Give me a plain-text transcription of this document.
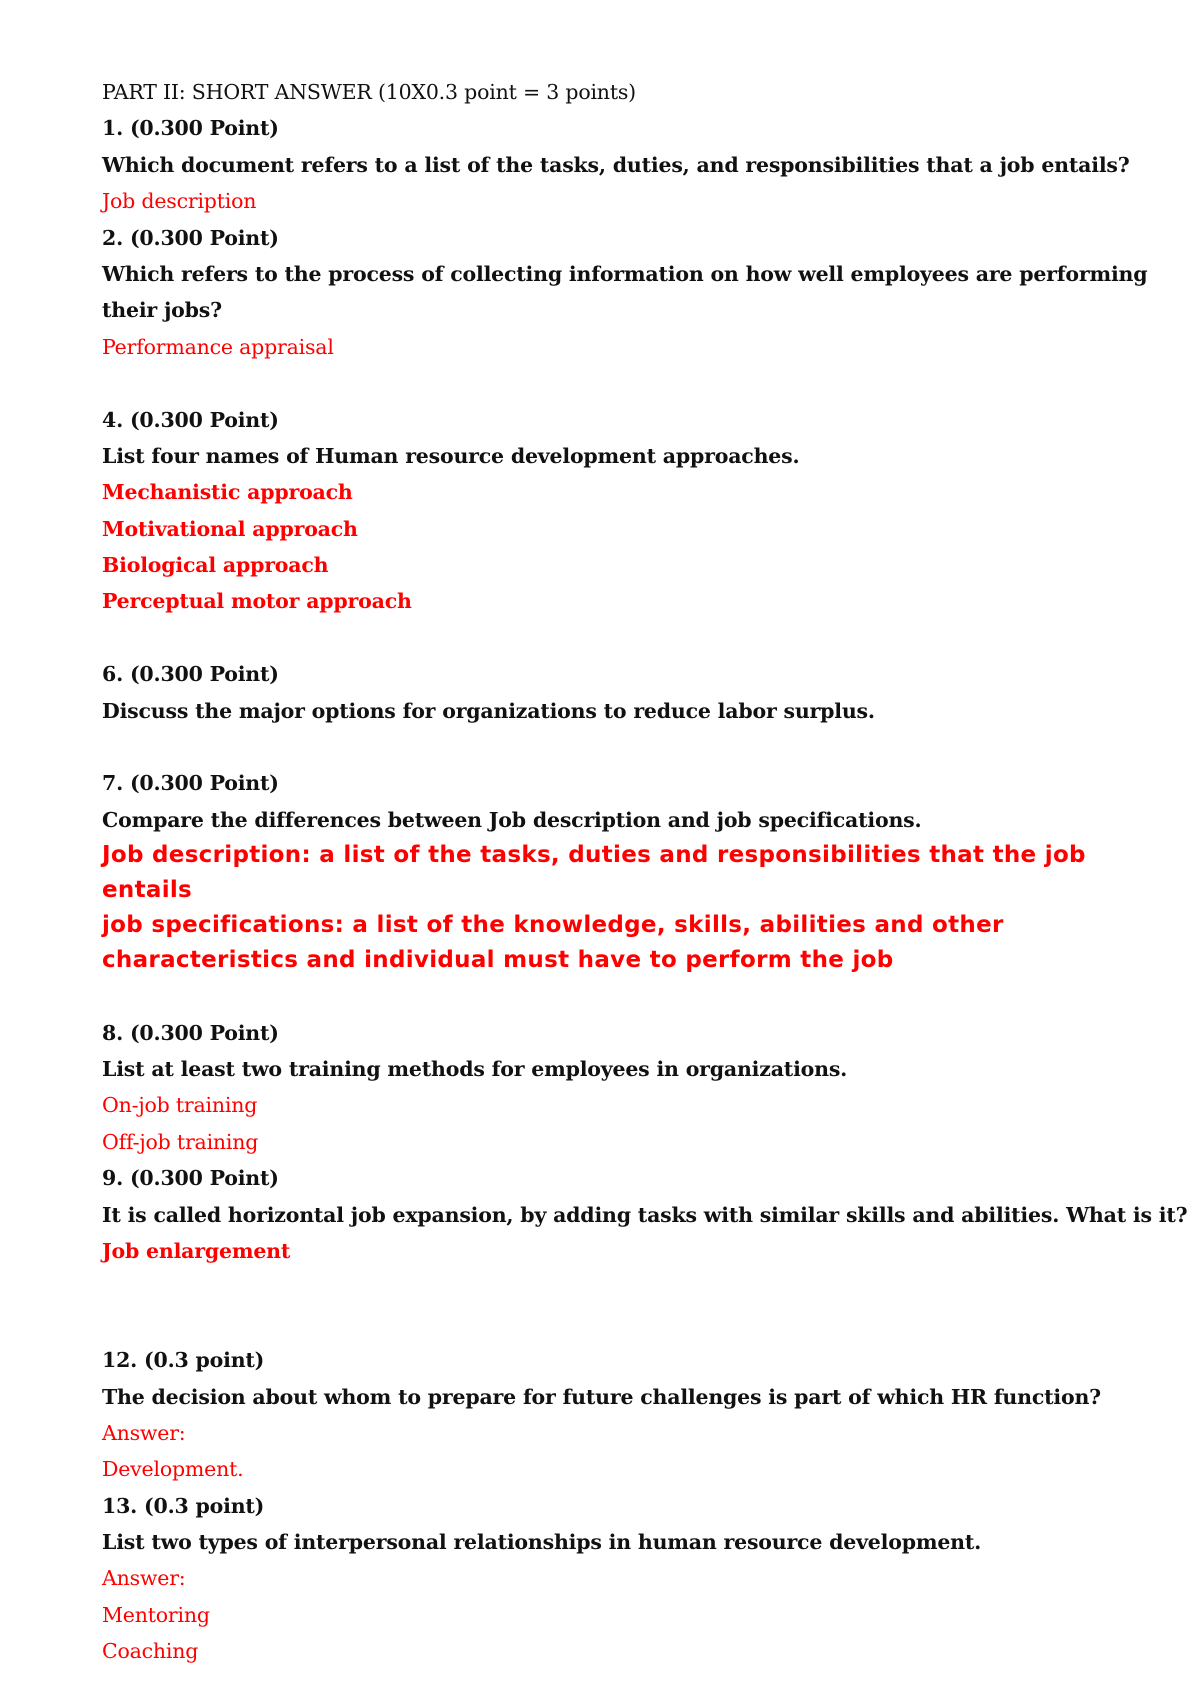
PART II: SHORT ANSWER (10X0.3 point = 3 points)
1. (0.300 Point)
Which document refers to a list of the tasks, duties, and responsibilities that a job entails?
Job description
2. (0.300 Point)
Which refers to the process of collecting information on how well employees are performing
their jobs?
Performance appraisal
4. (0.300 Point)
List four names of Human resource development approaches.
Mechanistic approach
Motivational approach
Biological approach
Perceptual motor approach
6. (0.300 Point)
Discuss the major options for organizations to reduce labor surplus.
7. (0.300 Point)
Compare the differences between Job description and job specifications.
Job description: a list of the tasks, duties and responsibilities that the job
entails
job specifications: a list of the knowledge, skills, abilities and other
characteristics and individual must have to perform the job
8. (0.300 Point)
List at least two training methods for employees in organizations.
On-job training
Off-job training
9. (0.300 Point)
It is called horizontal job expansion, by adding tasks with similar skills and abilities. What is it?
Job enlargement
12. (0.3 point)
The decision about whom to prepare for future challenges is part of which HR function?
Answer:
Development.
13. (0.3 point)
List two types of interpersonal relationships in human resource development.
Answer:
Mentoring
Coaching
